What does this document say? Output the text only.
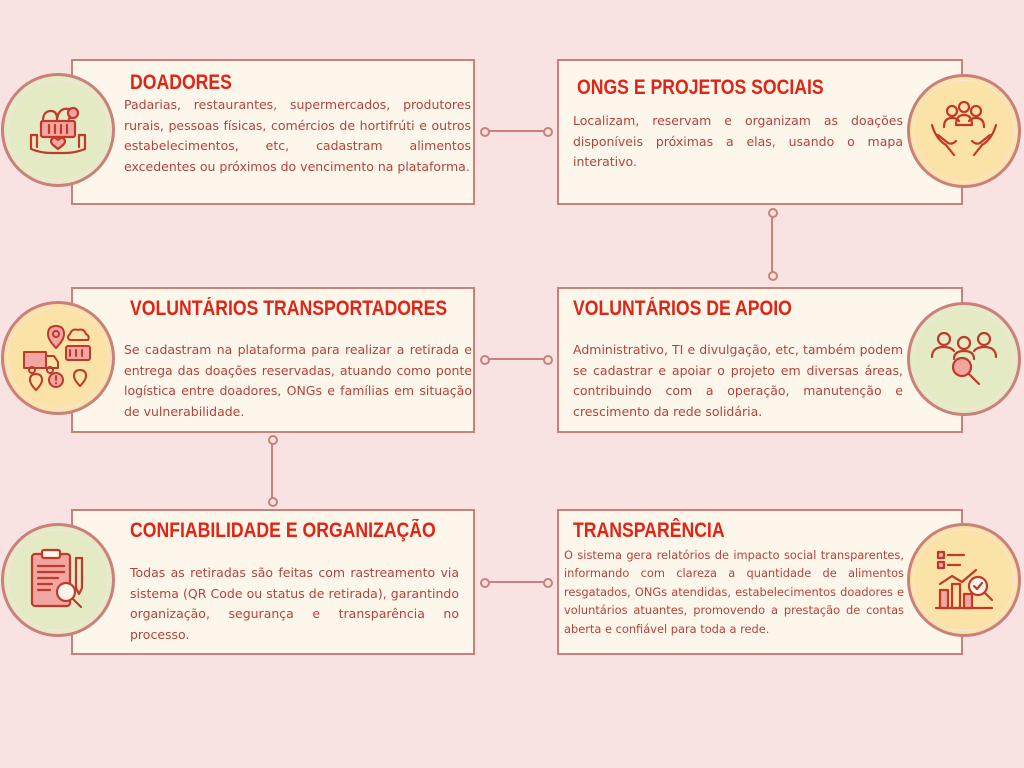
DOADORES

Padarias, restaurantes, supermercados, produtores rurais, pessoas físicas, comércios de hortifrúti e outros estabelecimentos, etc, cadastram alimentos excedentes ou próximos do vencimento na plataforma.

ONGS E PROJETOS SOCIAIS

Localizam, reservam e organizam as doações disponíveis próximas a elas, usando o mapa interativo.

VOLUNTÁRIOS TRANSPORTADORES

Se cadastram na plataforma para realizar a retirada e entrega das doações reservadas, atuando como ponte logística entre doadores, ONGs e famílias em situação de vulnerabilidade.

VOLUNTÁRIOS DE APOIO

Administrativo, TI e divulgação, etc, também podem se cadastrar e apoiar o projeto em diversas áreas, contribuindo com a operação, manutenção e crescimento da rede solidária.

CONFIABILIDADE E ORGANIZAÇÃO

Todas as retiradas são feitas com rastreamento via sistema (QR Code ou status de retirada), garantindo organização, segurança e transparência no processo.

TRANSPARÊNCIA

O sistema gera relatórios de impacto social transparentes, informando com clareza a quantidade de alimentos resgatados, ONGs atendidas, estabelecimentos doadores e voluntários atuantes, promovendo a prestação de contas aberta e confiável para toda a rede.
